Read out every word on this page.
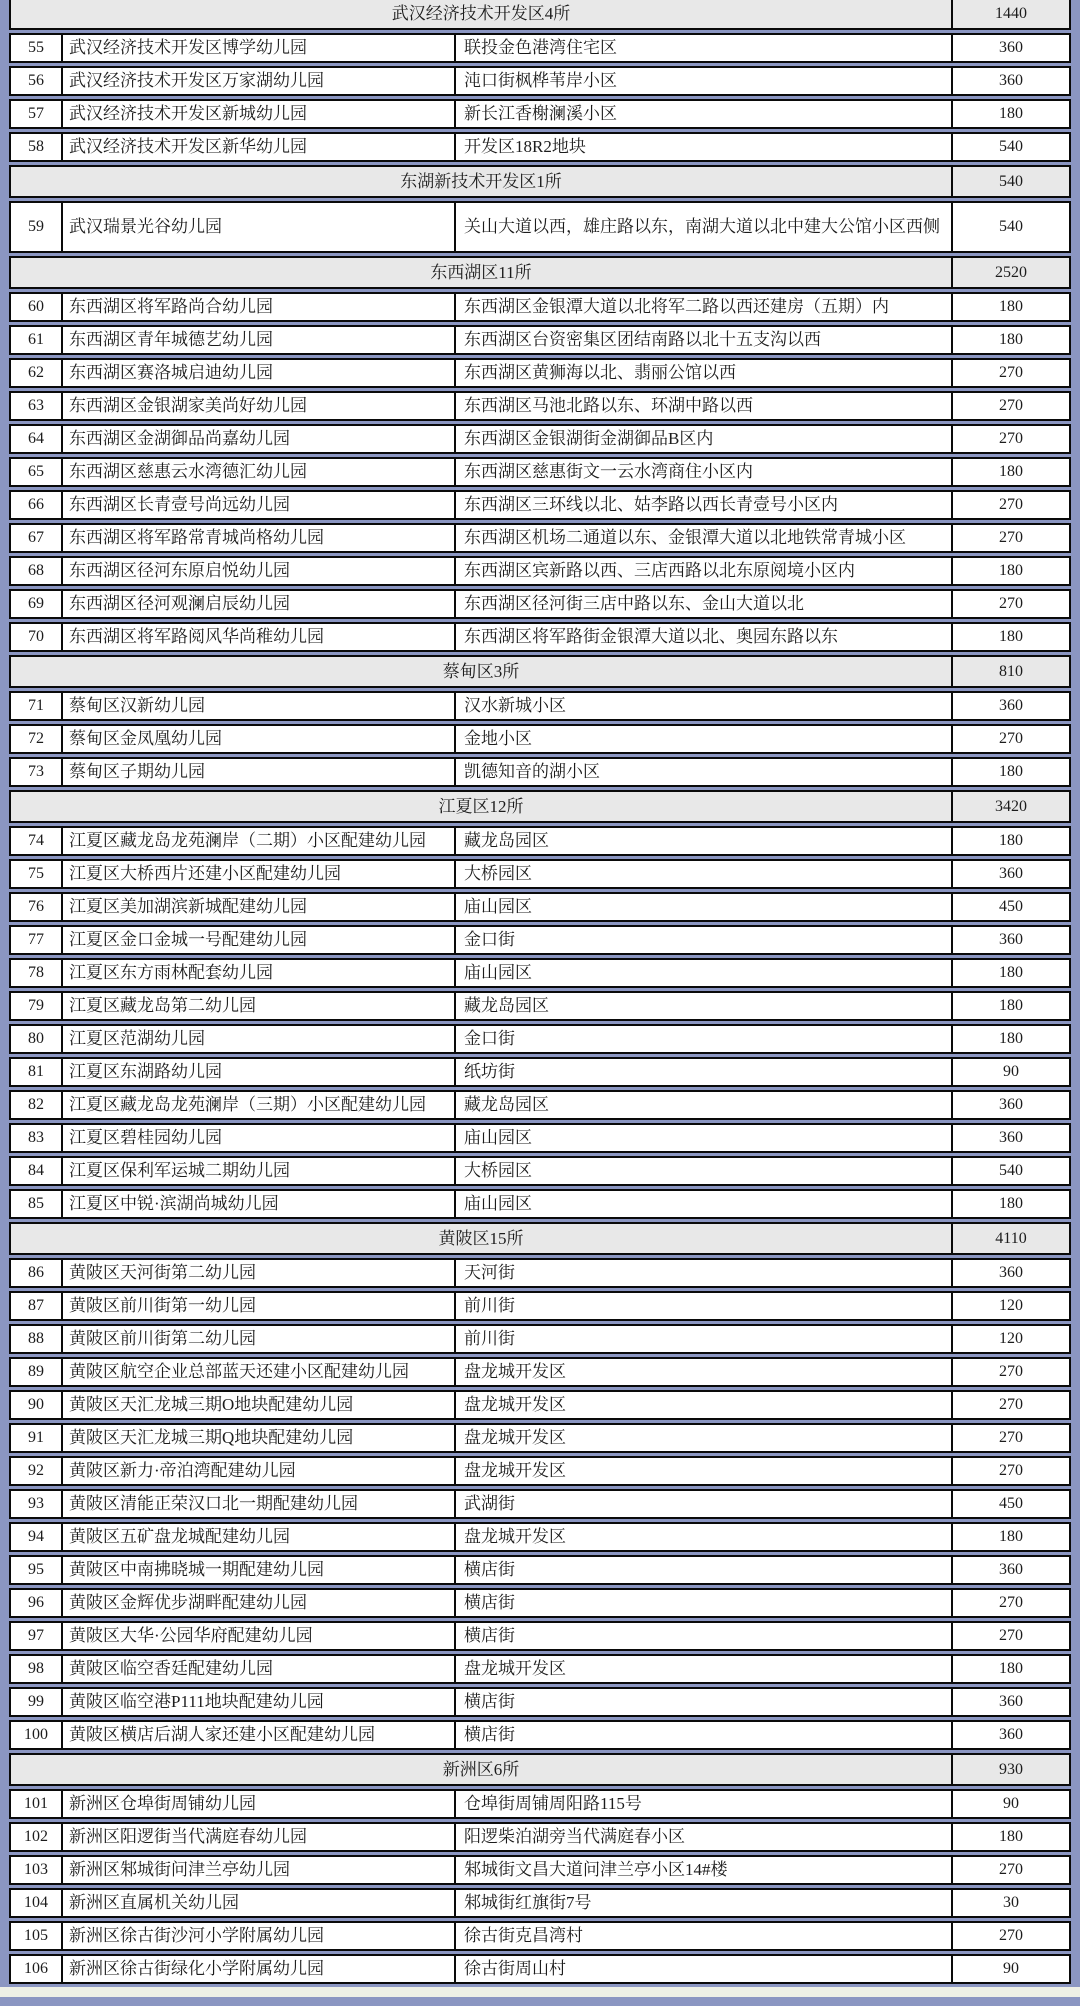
武汉经济技术开发区4所	1440
55	武汉经济技术开发区博学幼儿园	联投金色港湾住宅区	360
56	武汉经济技术开发区万家湖幼儿园	沌口街枫桦苇岸小区	360
57	武汉经济技术开发区新城幼儿园	新长江香榭澜溪小区	180
58	武汉经济技术开发区新华幼儿园	开发区18R2地块	540
东湖新技术开发区1所	540
59	武汉瑞景光谷幼儿园	关山大道以西，雄庄路以东，南湖大道以北中建大公馆小区西侧	540
东西湖区11所	2520
60	东西湖区将军路尚合幼儿园	东西湖区金银潭大道以北将军二路以西还建房（五期）内	180
61	东西湖区青年城德艺幼儿园	东西湖区台资密集区团结南路以北十五支沟以西	180
62	东西湖区赛洛城启迪幼儿园	东西湖区黄狮海以北、翡丽公馆以西	270
63	东西湖区金银湖家美尚好幼儿园	东西湖区马池北路以东、环湖中路以西	270
64	东西湖区金湖御品尚嘉幼儿园	东西湖区金银湖街金湖御品B区内	270
65	东西湖区慈惠云水湾德汇幼儿园	东西湖区慈惠街文一云水湾商住小区内	180
66	东西湖区长青壹号尚远幼儿园	东西湖区三环线以北、姑李路以西长青壹号小区内	270
67	东西湖区将军路常青城尚格幼儿园	东西湖区机场二通道以东、金银潭大道以北地铁常青城小区	270
68	东西湖区径河东原启悦幼儿园	东西湖区宾新路以西、三店西路以北东原阅境小区内	180
69	东西湖区径河观澜启辰幼儿园	东西湖区径河街三店中路以东、金山大道以北	270
70	东西湖区将军路阅风华尚稚幼儿园	东西湖区将军路街金银潭大道以北、奥园东路以东	180
蔡甸区3所	810
71	蔡甸区汉新幼儿园	汉水新城小区	360
72	蔡甸区金凤凰幼儿园	金地小区	270
73	蔡甸区子期幼儿园	凯德知音的湖小区	180
江夏区12所	3420
74	江夏区藏龙岛龙苑澜岸（二期）小区配建幼儿园	藏龙岛园区	180
75	江夏区大桥西片还建小区配建幼儿园	大桥园区	360
76	江夏区美加湖滨新城配建幼儿园	庙山园区	450
77	江夏区金口金城一号配建幼儿园	金口街	360
78	江夏区东方雨林配套幼儿园	庙山园区	180
79	江夏区藏龙岛第二幼儿园	藏龙岛园区	180
80	江夏区范湖幼儿园	金口街	180
81	江夏区东湖路幼儿园	纸坊街	90
82	江夏区藏龙岛龙苑澜岸（三期）小区配建幼儿园	藏龙岛园区	360
83	江夏区碧桂园幼儿园	庙山园区	360
84	江夏区保利军运城二期幼儿园	大桥园区	540
85	江夏区中锐·滨湖尚城幼儿园	庙山园区	180
黄陂区15所	4110
86	黄陂区天河街第二幼儿园	天河街	360
87	黄陂区前川街第一幼儿园	前川街	120
88	黄陂区前川街第二幼儿园	前川街	120
89	黄陂区航空企业总部蓝天还建小区配建幼儿园	盘龙城开发区	270
90	黄陂区天汇龙城三期O地块配建幼儿园	盘龙城开发区	270
91	黄陂区天汇龙城三期Q地块配建幼儿园	盘龙城开发区	270
92	黄陂区新力·帝泊湾配建幼儿园	盘龙城开发区	270
93	黄陂区清能正荣汉口北一期配建幼儿园	武湖街	450
94	黄陂区五矿盘龙城配建幼儿园	盘龙城开发区	180
95	黄陂区中南拂晓城一期配建幼儿园	横店街	360
96	黄陂区金辉优步湖畔配建幼儿园	横店街	270
97	黄陂区大华·公园华府配建幼儿园	横店街	270
98	黄陂区临空香廷配建幼儿园	盘龙城开发区	180
99	黄陂区临空港P111地块配建幼儿园	横店街	360
100	黄陂区横店后湖人家还建小区配建幼儿园	横店街	360
新洲区6所	930
101	新洲区仓埠街周铺幼儿园	仓埠街周铺周阳路115号	90
102	新洲区阳逻街当代满庭春幼儿园	阳逻柴泊湖旁当代满庭春小区	180
103	新洲区邾城街问津兰亭幼儿园	邾城街文昌大道问津兰亭小区14#楼	270
104	新洲区直属机关幼儿园	邾城街红旗街7号	30
105	新洲区徐古街沙河小学附属幼儿园	徐古街克昌湾村	270
106	新洲区徐古街绿化小学附属幼儿园	徐古街周山村	90
